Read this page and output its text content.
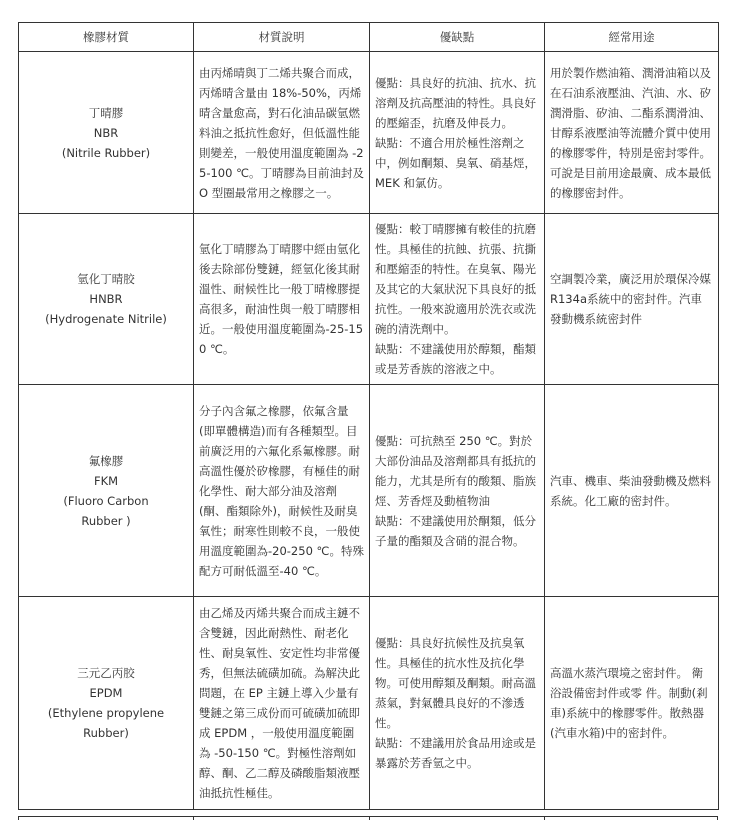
橡膠材質	材質說明	優缺點	經常用途

丁晴膠
NBR
(Nitrile Rubber)	由丙烯晴與丁二烯共聚合而成，丙烯晴含量由 18%-50%，丙烯晴含量愈高，對石化油品碳氫燃料油之抵抗性愈好，但低溫性能則變差，一般使用溫度範圍為 -25-100 ℃。丁晴膠為目前油封及 O 型圈最常用之橡膠之一。	優點：具良好的抗油、抗水、抗溶劑及抗高壓油的特性。具良好的壓縮歪，抗磨及伸長力。
缺點：不適合用於極性溶劑之中，例如酮類、臭氧、硝基烴， MEK 和氯仿。	用於製作燃油箱、潤滑油箱以及在石油系液壓油、汽油、水、矽潤滑脂、矽油、二酯系潤滑油、甘醇系液壓油等流體介質中使用的橡膠零件，特別是密封零件。可說是目前用途最廣、成本最低的橡膠密封件。

氫化丁晴胶
HNBR
(Hydrogenate Nitrile)	氫化丁晴膠為丁晴膠中經由氫化後去除部份雙鏈，經氫化後其耐溫性、耐候性比一般丁晴橡膠提高很多，耐油性與一般丁晴膠相近。一般使用溫度範圍為-25-150 ℃。	優點：較丁晴膠擁有較佳的抗磨性。具極佳的抗蝕、抗張、抗撕和壓縮歪的特性。在臭氧、陽光及其它的大氣狀況下具良好的抵抗性。一般來說適用於洗衣或洗碗的清洗劑中。
缺點：不建議使用於醇類，酯類或是芳香族的溶液之中。	空調製冷業，廣泛用於環保冷媒R134a系統中的密封件。汽車發動機系統密封件

氟橡膠
FKM
(Fluoro Carbon
Rubber )	分子內含氟之橡膠，依氟含量(即單體構造)而有各種類型。目前廣泛用的六氟化系氟橡膠。耐高溫性優於矽橡膠，有極佳的耐化學性、耐大部分油及溶劑(酮、酯類除外)，耐候性及耐臭氧性；耐寒性則較不良，一般使用溫度範圍為-20-250 ℃。特殊配方可耐低溫至-40 ℃。	優點：可抗熱至 250 ℃。對於大部份油品及溶劑都具有抵抗的能力，尤其是所有的酸類、脂族烴、芳香烴及動植物油
缺點：不建議使用於酮類，低分子量的酯類及含硝的混合物。	汽車、機車、柴油發動機及燃料系統。化工廠的密封件。

三元乙丙胶
EPDM
(Ethylene propylene
Rubber)	由乙烯及丙烯共聚合而成主鏈不含雙鏈，因此耐熱性、耐老化性、耐臭氧性、安定性均非常優秀，但無法硫磺加硫。為解決此問題，在 EP 主鏈上導入少量有雙鏈之第三成份而可硫磺加硫即成 EPDM ，一般使用溫度範圍為 -50-150 ℃。對極性溶劑如醇、酮、乙二醇及磷酸脂類液壓油抵抗性極佳。	優點：具良好抗候性及抗臭氧性。具極佳的抗水性及抗化學物。可使用醇類及酮類。耐高溫蒸氣，對氣體具良好的不滲透性。
缺點：不建議用於食品用途或是暴露於芳香氫之中。	高溫水蒸汽環境之密封件。 衛浴設備密封件或零 件。制動(剎車)系統中的橡膠零件。散熱器(汽車水箱)中的密封件。
